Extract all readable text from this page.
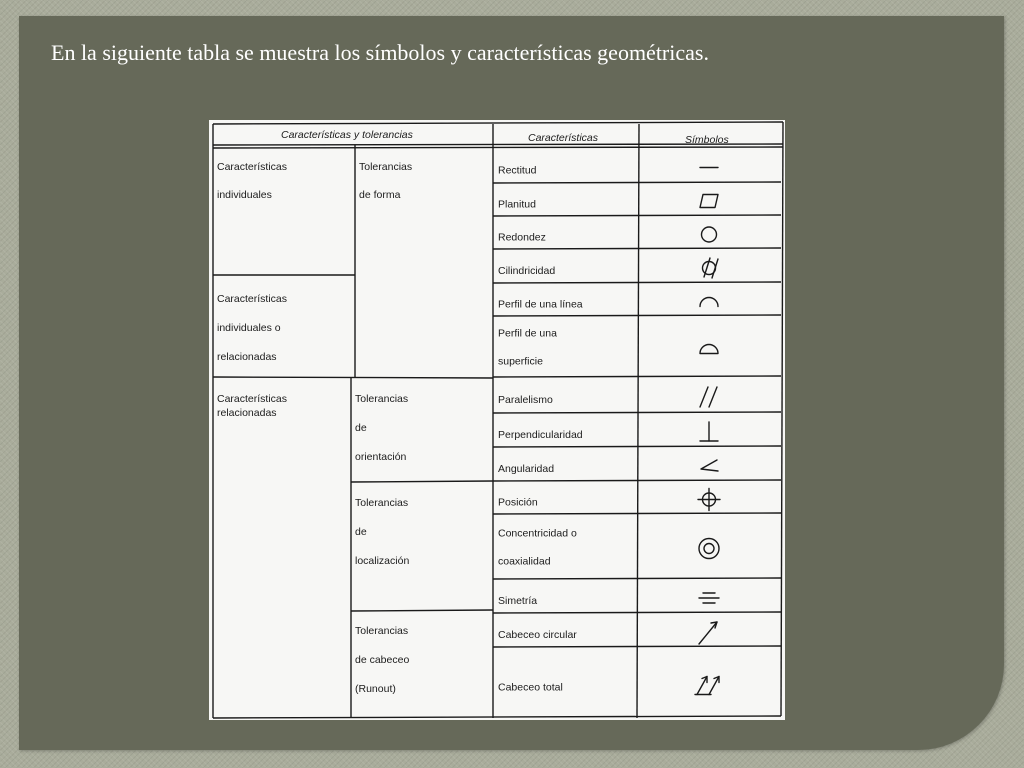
En la siguiente tabla se muestra los símbolos y características geométricas.
Características y tolerancias	Características	Símbolos
Características
individuales
Características
individuales o
relacionadas
Características
relacionadas
Tolerancias
de forma
Tolerancias
de
orientación
Tolerancias
de
localización
Tolerancias
de cabeceo
(Runout)
Rectitud
Planitud
Redondez
Cilindricidad
Perfil de una línea
Perfil de una
superficie
Paralelismo
Perpendicularidad
Angularidad
Posición
Concentricidad o
coaxialidad
Simetría
Cabeceo circular
Cabeceo total
